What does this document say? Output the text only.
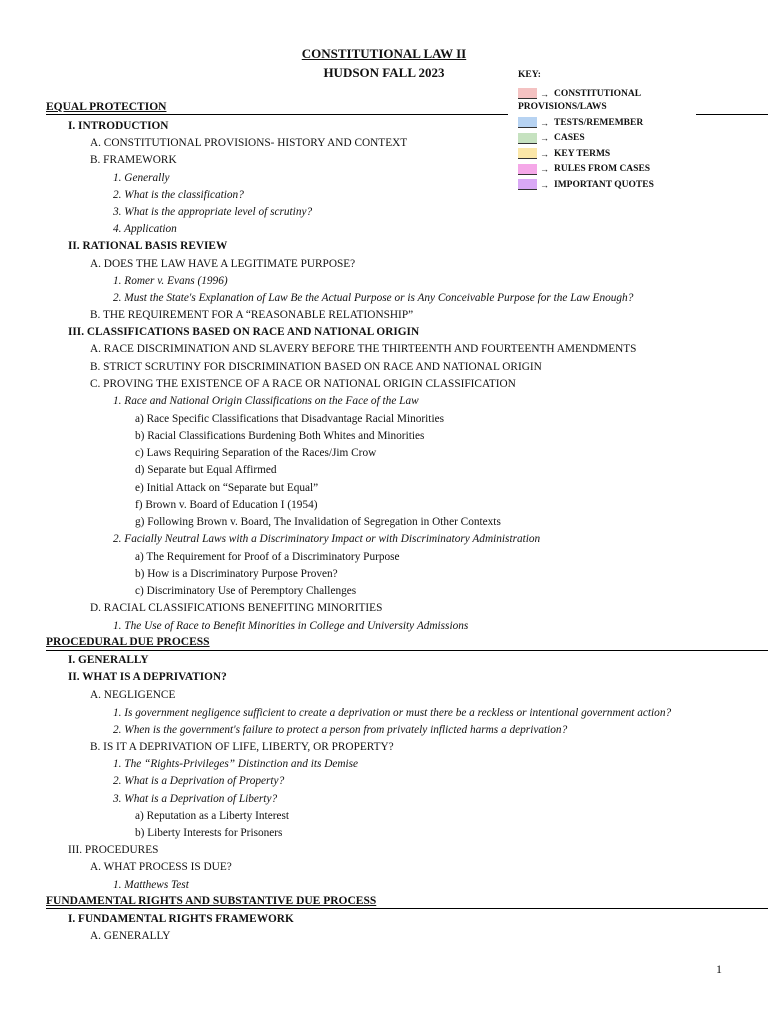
CONSTITUTIONAL LAW II
HUDSON FALL 2023	KEY:
→ CONSTITUTIONAL
PROVISIONS/LAWS
→ TESTS/REMEMBER
→ CASES
→ KEY TERMS
→ RULES FROM CASES
→ IMPORTANT QUOTES
EQUAL PROTECTION
I. INTRODUCTION
A. CONSTITUTIONAL PROVISIONS- HISTORY AND CONTEXT
B. FRAMEWORK
1. Generally
2. What is the classification?
3. What is the appropriate level of scrutiny?
4. Application
II. RATIONAL BASIS REVIEW
A. DOES THE LAW HAVE A LEGITIMATE PURPOSE?
1. Romer v. Evans (1996)
2. Must the State's Explanation of Law Be the Actual Purpose or is Any Conceivable Purpose for the Law Enough?
B. THE REQUIREMENT FOR A “REASONABLE RELATIONSHIP”
III. CLASSIFICATIONS BASED ON RACE AND NATIONAL ORIGIN
A. RACE DISCRIMINATION AND SLAVERY BEFORE THE THIRTEENTH AND FOURTEENTH AMENDMENTS
B. STRICT SCRUTINY FOR DISCRIMINATION BASED ON RACE AND NATIONAL ORIGIN
C. PROVING THE EXISTENCE OF A RACE OR NATIONAL ORIGIN CLASSIFICATION
1. Race and National Origin Classifications on the Face of the Law
a) Race Specific Classifications that Disadvantage Racial Minorities
b) Racial Classifications Burdening Both Whites and Minorities
c) Laws Requiring Separation of the Races/Jim Crow
d) Separate but Equal Affirmed
e) Initial Attack on “Separate but Equal”
f) Brown v. Board of Education I (1954)
g) Following Brown v. Board, The Invalidation of Segregation in Other Contexts
2. Facially Neutral Laws with a Discriminatory Impact or with Discriminatory Administration
a) The Requirement for Proof of a Discriminatory Purpose
b) How is a Discriminatory Purpose Proven?
c) Discriminatory Use of Peremptory Challenges
D. RACIAL CLASSIFICATIONS BENEFITING MINORITIES
1. The Use of Race to Benefit Minorities in College and University Admissions
PROCEDURAL DUE PROCESS
I. GENERALLY
II. WHAT IS A DEPRIVATION?
A. NEGLIGENCE
1. Is government negligence sufficient to create a deprivation or must there be a reckless or intentional government action?
2. When is the government's failure to protect a person from privately inflicted harms a deprivation?
B. IS IT A DEPRIVATION OF LIFE, LIBERTY, OR PROPERTY?
1. The “Rights-Privileges” Distinction and its Demise
2. What is a Deprivation of Property?
3. What is a Deprivation of Liberty?
a) Reputation as a Liberty Interest
b) Liberty Interests for Prisoners
III. PROCEDURES
A. WHAT PROCESS IS DUE?
1. Matthews Test
FUNDAMENTAL RIGHTS AND SUBSTANTIVE DUE PROCESS
I. FUNDAMENTAL RIGHTS FRAMEWORK
A. GENERALLY
1
